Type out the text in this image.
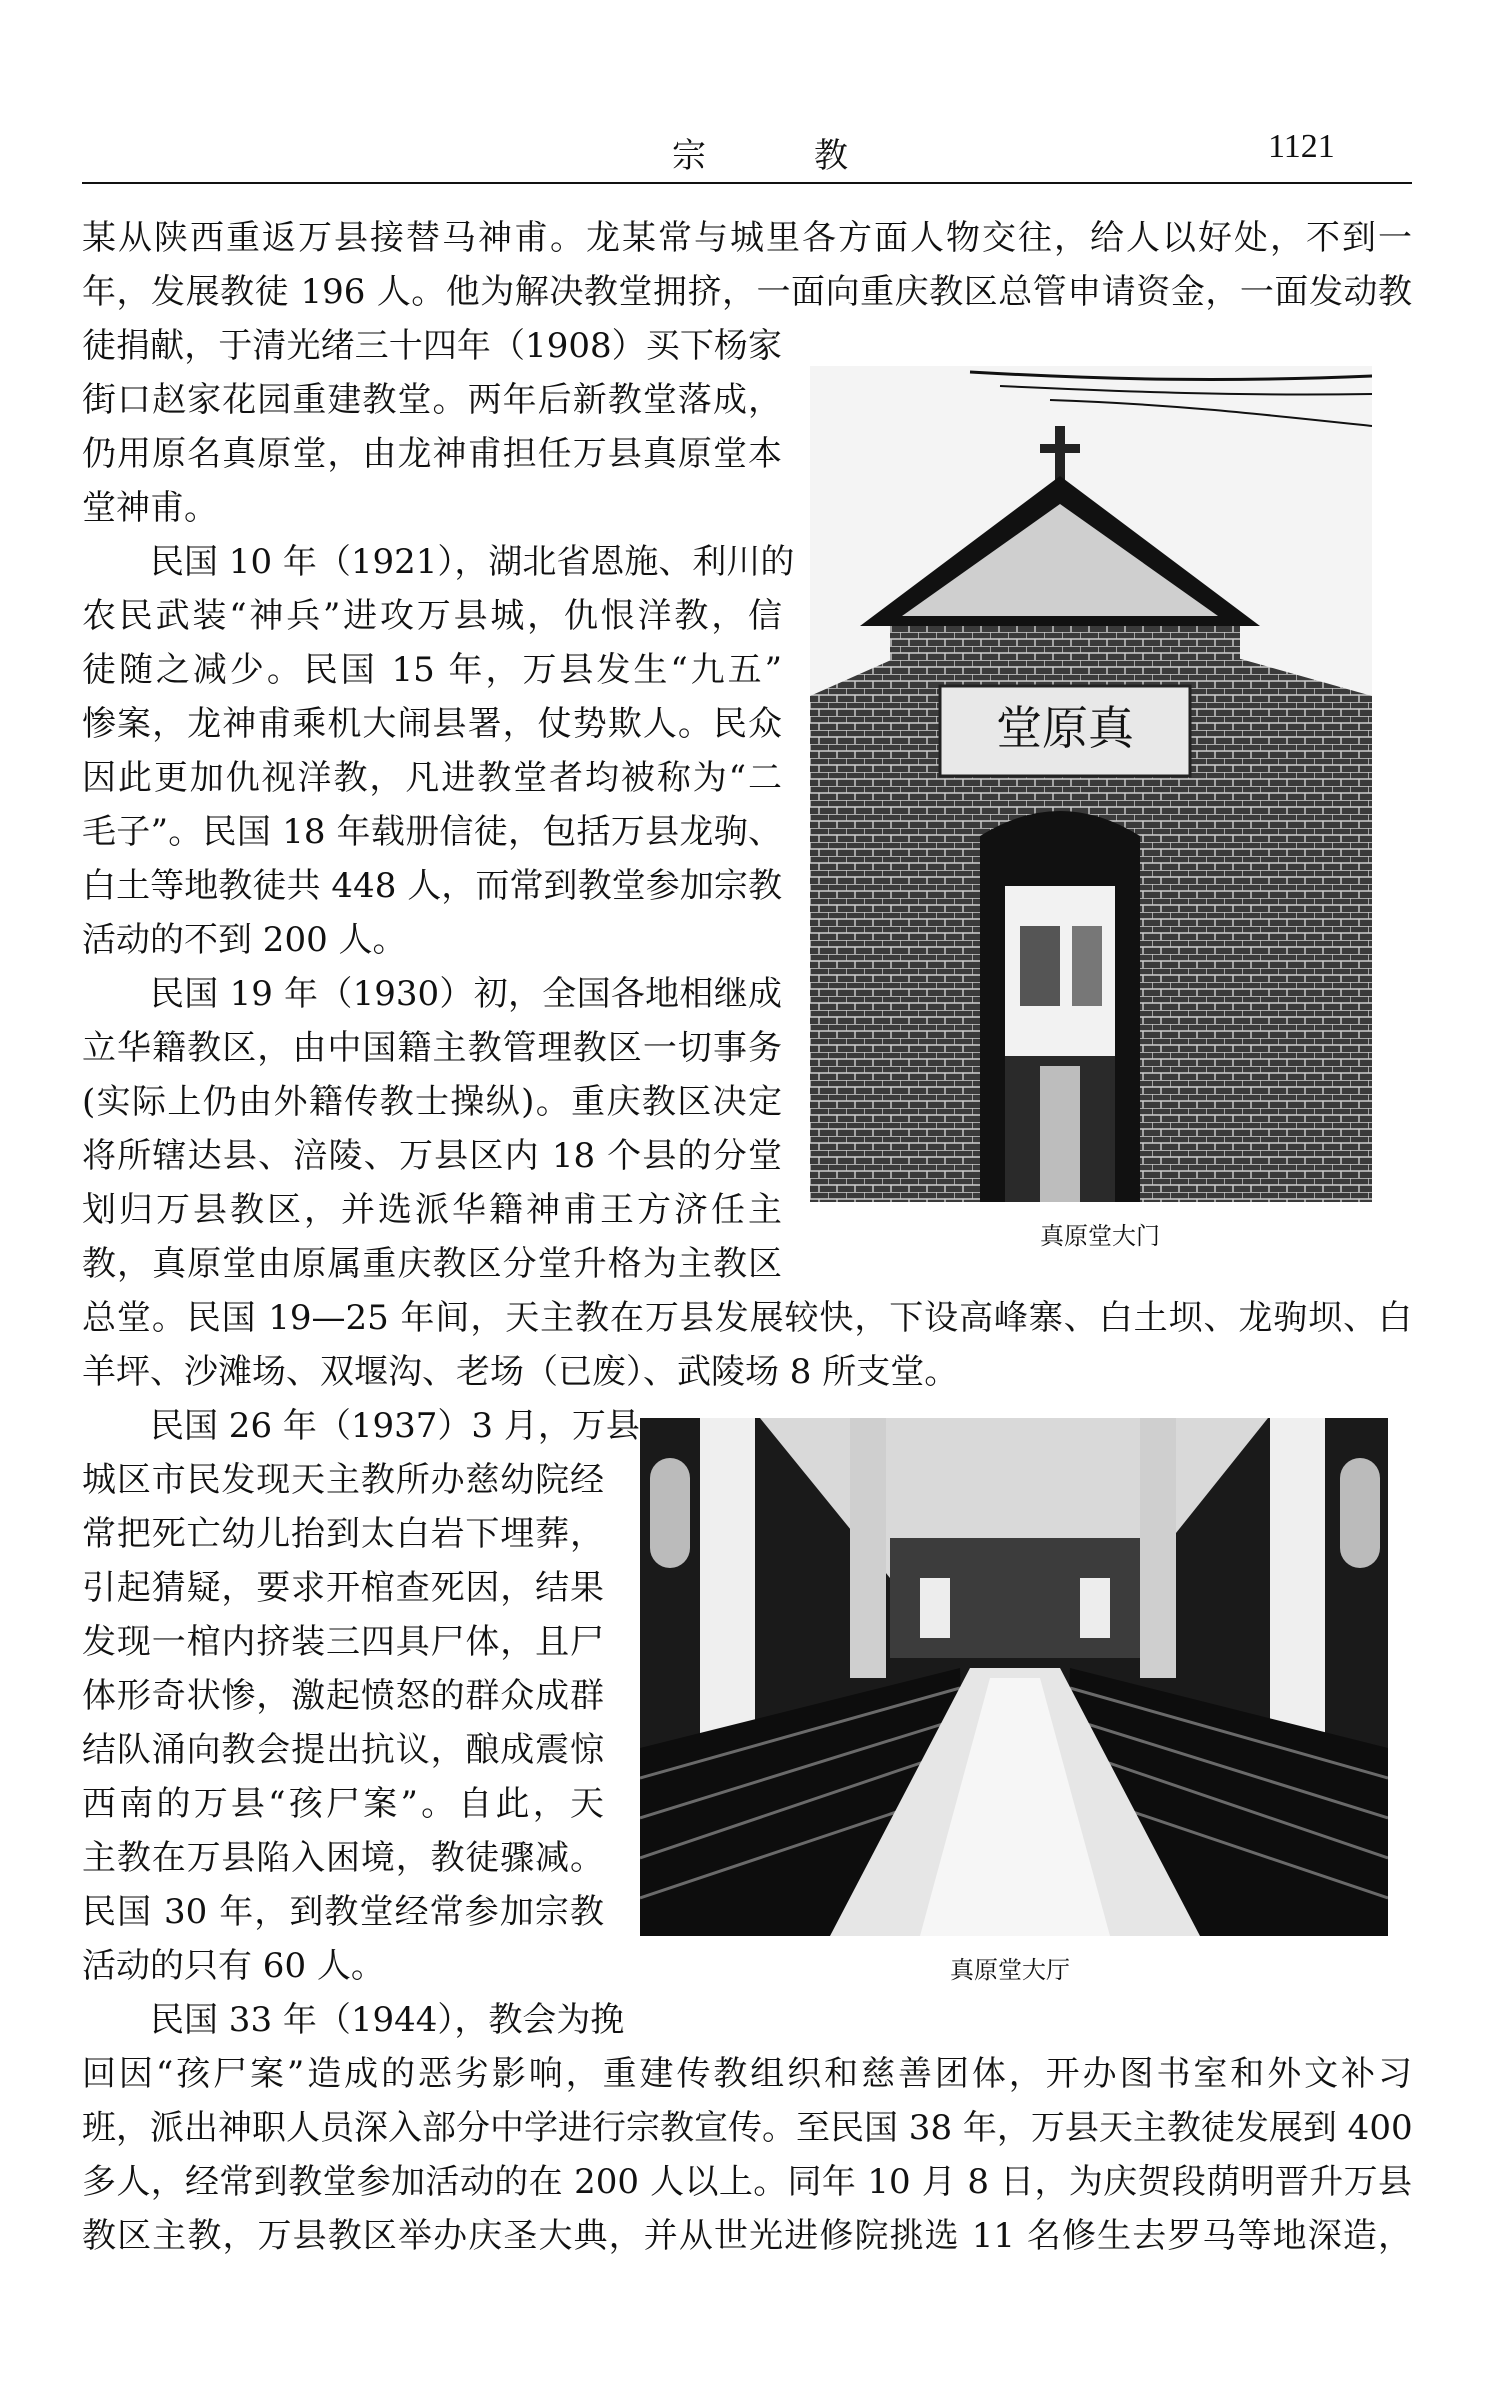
宗	教	1121
某从陕西重返万县接替马神甫。龙某常与城里各方面人物交往，给人以好处，不到一
年，发展教徒 196 人。他为解决教堂拥挤，一面向重庆教区总管申请资金，一面发动教
徒捐献，于清光绪三十四年（1908）买下杨家
街口赵家花园重建教堂。两年后新教堂落成，
仍用原名真原堂，由龙神甫担任万县真原堂本
堂神甫。
民国 10 年（1921），湖北省恩施、利川的
农民武装“神兵”进攻万县城，仇恨洋教，信
徒随之减少。民国 15 年，万县发生“九五”
惨案，龙神甫乘机大闹县署，仗势欺人。民众
因此更加仇视洋教，凡进教堂者均被称为“二
毛子”。民国 18 年载册信徒，包括万县龙驹、
白土等地教徒共 448 人，而常到教堂参加宗教
活动的不到 200 人。
民国 19 年（1930）初，全国各地相继成
立华籍教区，由中国籍主教管理教区一切事务
(实际上仍由外籍传教士操纵)。重庆教区决定
将所辖达县、涪陵、万县区内 18 个县的分堂
划归万县教区，并选派华籍神甫王方济任主
教，真原堂由原属重庆教区分堂升格为主教区
总堂。民国 19—25 年间，天主教在万县发展较快，下设高峰寨、白土坝、龙驹坝、白
羊坪、沙滩场、双堰沟、老场（已废）、武陵场 8 所支堂。
民国 26 年（1937）3 月，万县
城区市民发现天主教所办慈幼院经
常把死亡幼儿抬到太白岩下埋葬，
引起猜疑，要求开棺查死因，结果
发现一棺内挤装三四具尸体，且尸
体形奇状惨，激起愤怒的群众成群
结队涌向教会提出抗议，酿成震惊
西南的万县“孩尸案”。自此，天
主教在万县陷入困境，教徒骤减。
民国 30 年，到教堂经常参加宗教
活动的只有 60 人。
民国 33 年（1944），教会为挽
回因“孩尸案”造成的恶劣影响，重建传教组织和慈善团体，开办图书室和外文补习
班，派出神职人员深入部分中学进行宗教宣传。至民国 38 年，万县天主教徒发展到 400
多人，经常到教堂参加活动的在 200 人以上。同年 10 月 8 日，为庆贺段荫明晋升万县
教区主教，万县教区举办庆圣大典，并从世光进修院挑选 11 名修生去罗马等地深造，
堂原真
真原堂大门
真原堂大厅
